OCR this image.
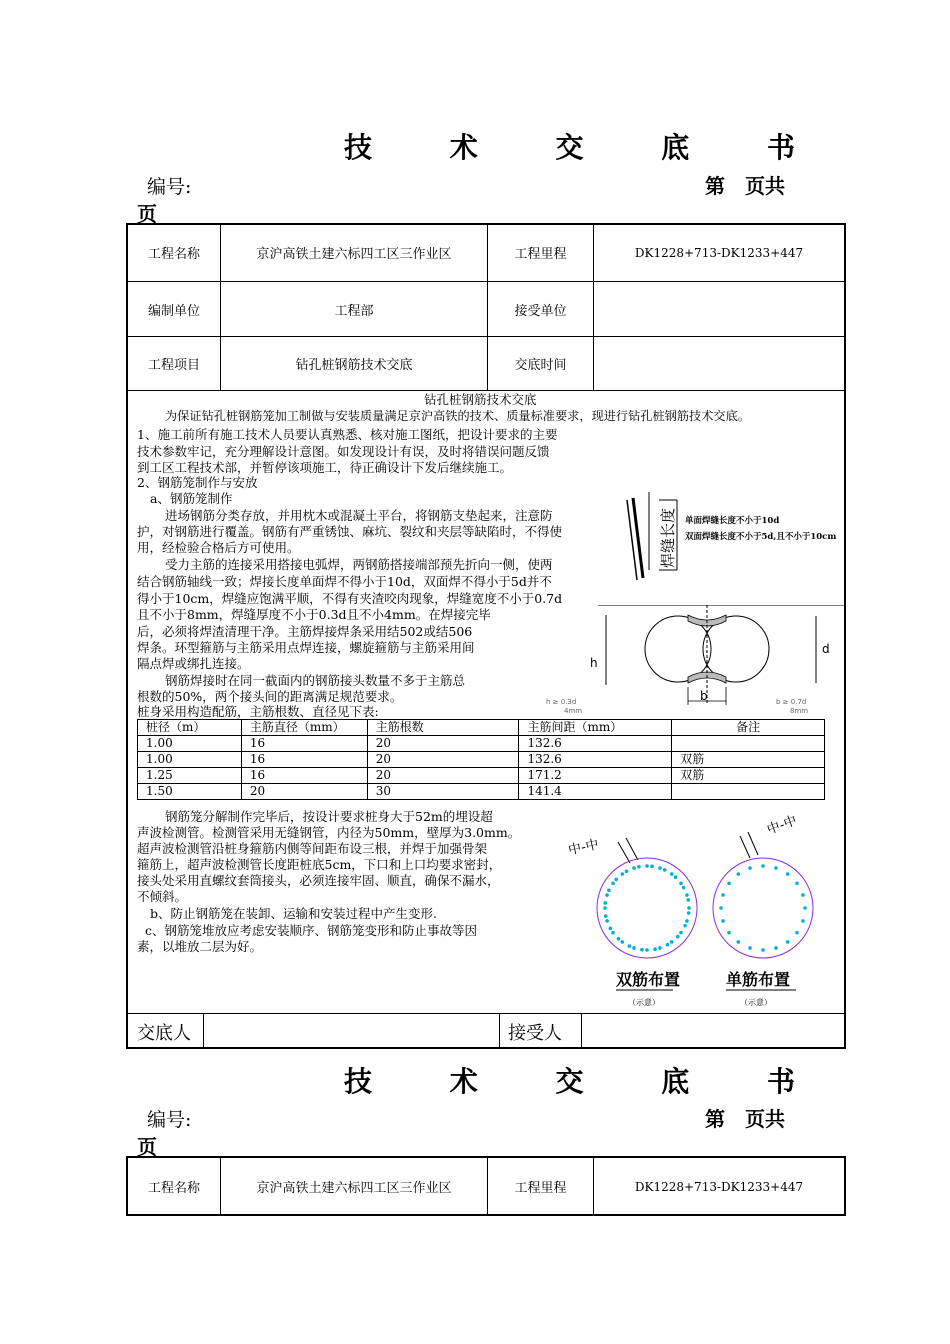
技 术 交 底 书
编号:	第　页共
页
工程名称	京沪高铁土建六标四工区三作业区	工程里程	DK1228+713-DK1233+447
编制单位	工程部	接受单位
工程项目	钻孔桩钢筋技术交底	交底时间
钻孔桩钢筋技术交底
为保证钻孔桩钢筋笼加工制做与安装质量满足京沪高铁的技术、质量标准要求，现进行钻孔桩钢筋技术交底。
1、施工前所有施工技术人员要认真熟悉、核对施工图纸，把设计要求的主要
技术参数牢记，充分理解设计意图。如发现设计有误，及时将错误问题反馈
到工区工程技术部，并暂停该项施工，待正确设计下发后继续施工。
2、钢筋笼制作与安放
a、钢筋笼制作
进场钢筋分类存放，并用枕木或混凝土平台，将钢筋支垫起来，注意防
护，对钢筋进行覆盖。钢筋有严重锈蚀、麻坑、裂纹和夹层等缺陷时，不得使
用，经检验合格后方可使用。
受力主筋的连接采用搭接电弧焊，两钢筋搭接端部预先折向一侧，使两
结合钢筋轴线一致；焊接长度单面焊不得小于10d，双面焊不得小于5d并不
得小于10cm，焊缝应饱满平顺，不得有夹渣咬肉现象，焊缝宽度不小于0.7d
且不小于8mm，焊缝厚度不小于0.3d且不小4mm。在焊接完毕
后，必须将焊渣清理干净。主筋焊接焊条采用结502或结506
焊条。环型箍筋与主筋采用点焊连接，螺旋箍筋与主筋采用间
隔点焊或绑扎连接。
钢筋焊接时在同一截面内的钢筋接头数量不多于主筋总
根数的50%，两个接头间的距离满足规范要求。
桩身采用构造配筋，主筋根数、直径见下表:
桩径（m）	主筋直径（mm）	主筋根数	主筋间距（mm）	备注
1.00	16	20	132.6	
1.00	16	20	132.6	双筋
1.25	16	20	171.2	双筋
1.50	20	30	141.4	
钢筋笼分解制作完毕后，按设计要求桩身大于52m的埋设超
声波检测管。检测管采用无缝钢管，内径为50mm，壁厚为3.0mm。
超声波检测管沿桩身箍筋内侧等间距布设三根，并焊于加强骨架
箍筋上，超声波检测管长度距桩底5cm，下口和上口均要求密封，
接头处采用直螺纹套筒接头，必须连接牢固、顺直，确保不漏水，
不倾斜。
b、防止钢筋笼在装卸、运输和安装过程中产生变形.
c、钢筋笼堆放应考虑安装顺序、钢筋笼变形和防止事故等因
素，以堆放二层为好。
焊缝长度 单面焊缝长度不小于10d
双面焊缝长度不小于5d,且不小于10cm
h
d
b
h ≥ 0.3d
4mm
b ≥ 0.7d
8mm
中-中
中-中
双筋布置
（示意）
单筋布置
（示意）
交底人	接受人
技 术 交 底 书
编号:	第　页共
页
工程名称	京沪高铁土建六标四工区三作业区	工程里程	DK1228+713-DK1233+447
